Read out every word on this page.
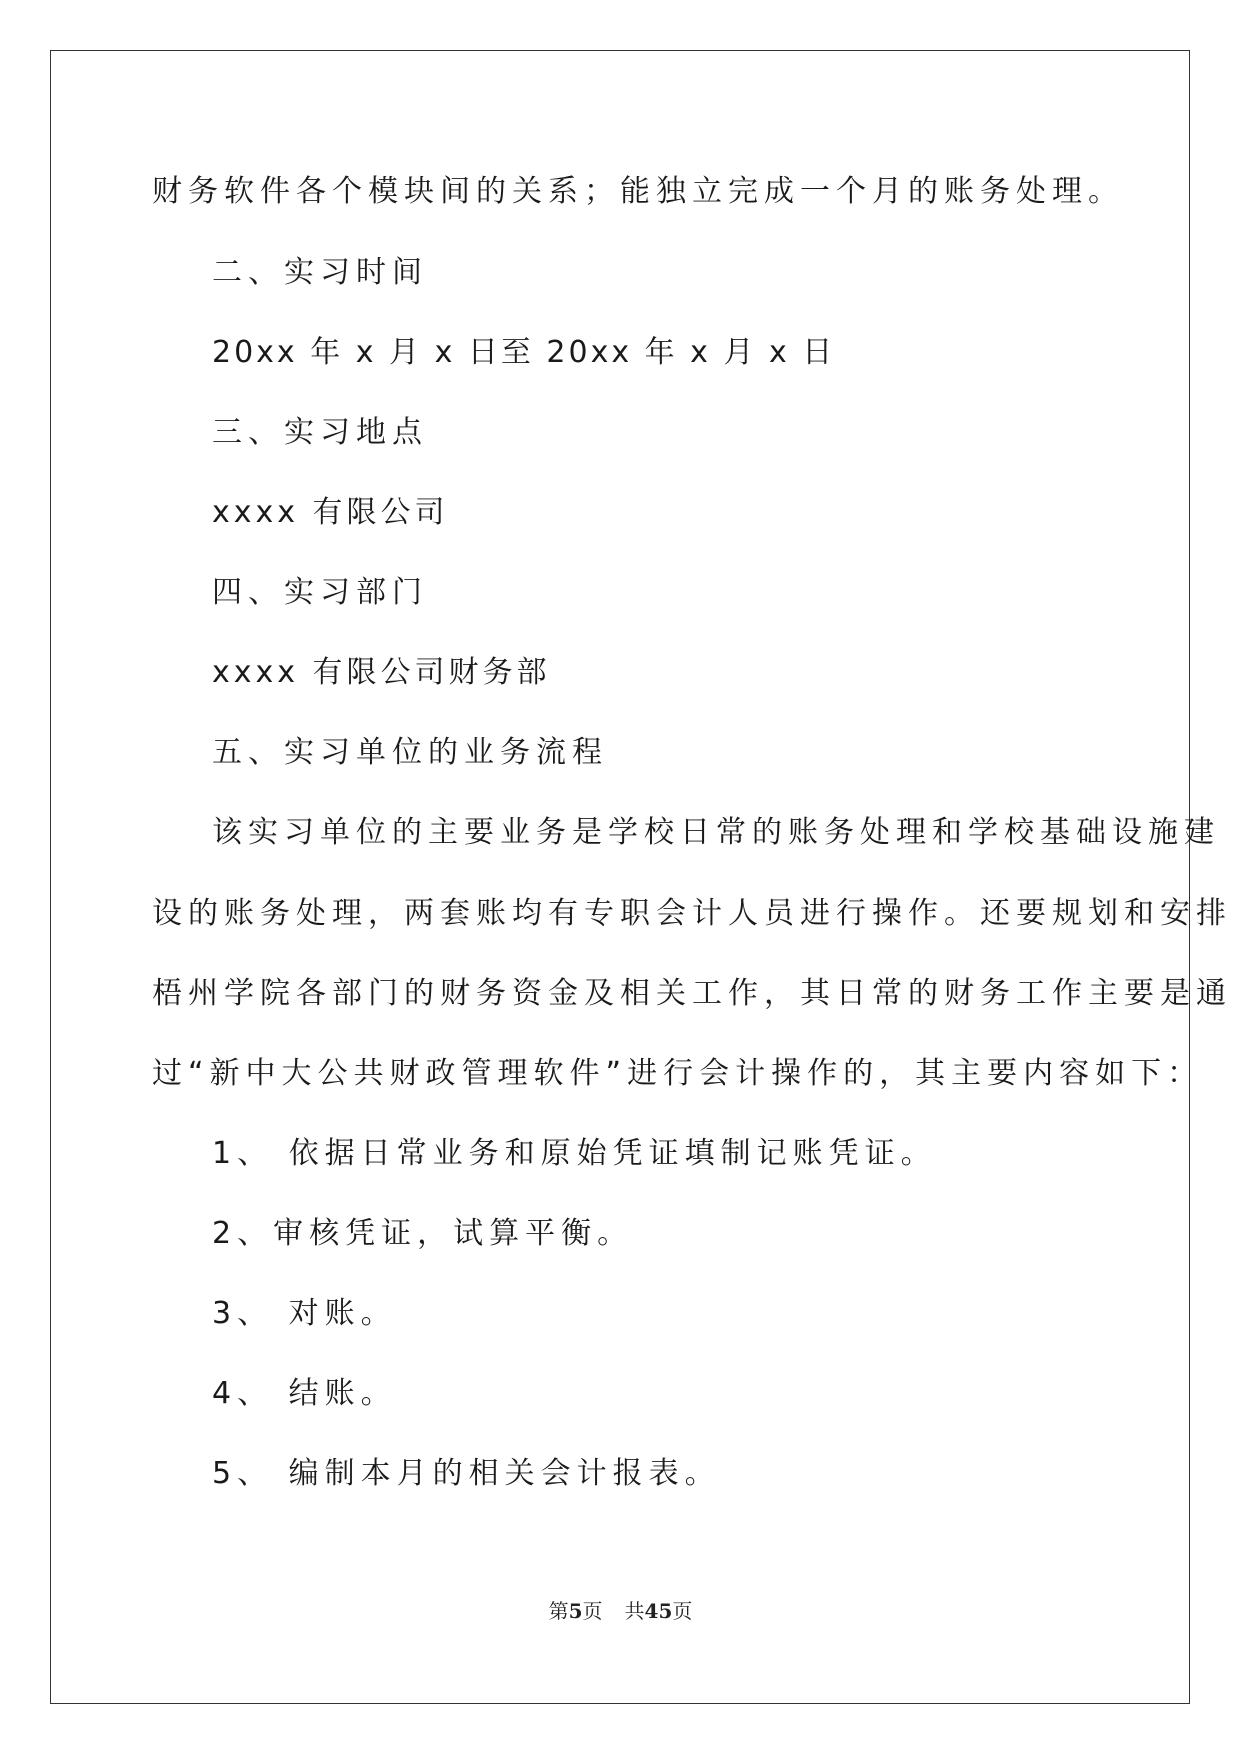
财务软件各个模块间的关系；能独立完成一个月的账务处理。
二、实习时间
20xx 年 x 月 x 日至 20xx 年 x 月 x 日
三、实习地点
xxxx 有限公司
四、实习部门
xxxx 有限公司财务部
五、实习单位的业务流程
该实习单位的主要业务是学校日常的账务处理和学校基础设施建
设的账务处理，两套账均有专职会计人员进行操作。还要规划和安排
梧州学院各部门的财务资金及相关工作，其日常的财务工作主要是通
过“新中大公共财政管理软件”进行会计操作的，其主要内容如下：
1、 依据日常业务和原始凭证填制记账凭证。
2、审核凭证，试算平衡。
3、 对账。
4、 结账。
5、 编制本月的相关会计报表。
第5页 共45页
